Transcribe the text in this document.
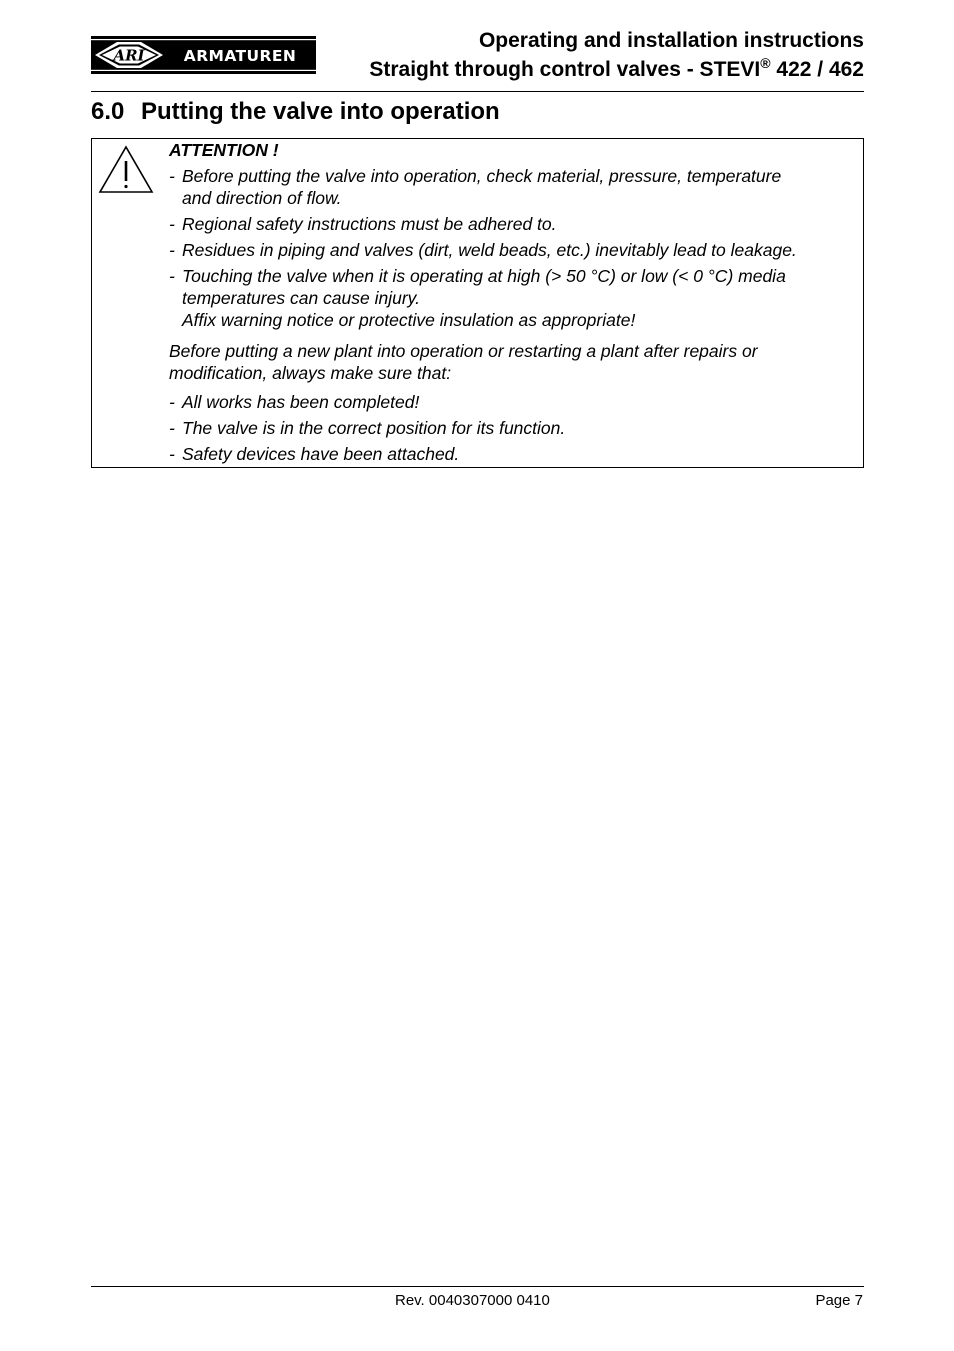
ARI	ARMATUREN
Operating and installation instructions
Straight through control valves - STEVI® 422 / 462
6.0 Putting the valve into operation
ATTENTION !
- Before putting the valve into operation, check material, pressure, temperature
and direction of flow.
- Regional safety instructions must be adhered to.
- Residues in piping and valves (dirt, weld beads, etc.) inevitably lead to leakage.
- Touching the valve when it is operating at high (> 50 °C) or low (< 0 °C) media
temperatures can cause injury.
Affix warning notice or protective insulation as appropriate!
Before putting a new plant into operation or restarting a plant after repairs or
modification, always make sure that:
- All works has been completed!
- The valve is in the correct position for its function.
- Safety devices have been attached.
Rev. 0040307000 0410	Page 7
